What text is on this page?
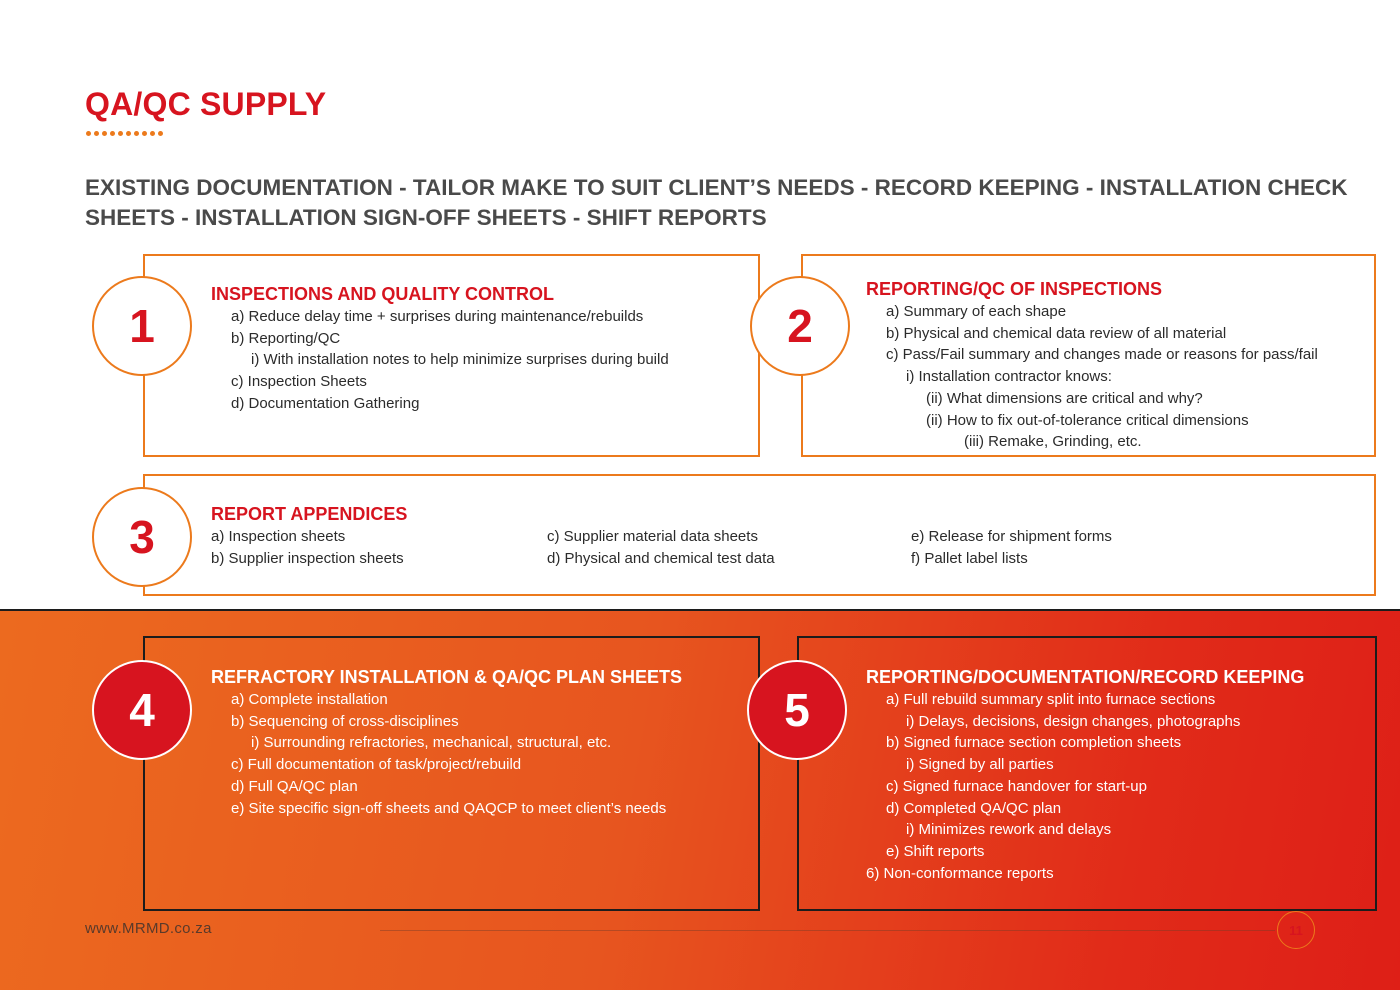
QA/QC SUPPLY
EXISTING DOCUMENTATION - TAILOR MAKE TO SUIT CLIENT’S NEEDS - RECORD KEEPING - INSTALLATION CHECK SHEETS - INSTALLATION SIGN-OFF SHEETS - SHIFT REPORTS
1
INSPECTIONS AND QUALITY CONTROL
a) Reduce delay time + surprises during maintenance/rebuilds
b) Reporting/QC
i) With installation notes to help minimize surprises during build
c) Inspection Sheets
d) Documentation Gathering
2
REPORTING/QC OF INSPECTIONS
a) Summary of each shape
b) Physical and chemical data review of all material
c) Pass/Fail summary and changes made or reasons for pass/fail
i) Installation contractor knows:
(ii) What dimensions are critical and why?
(ii) How to fix out-of-tolerance critical dimensions
(iii) Remake, Grinding, etc.
3	REPORT APPENDICES
a) Inspection sheets
b) Supplier inspection sheets
c) Supplier material data sheets
d) Physical and chemical test data
e) Release for shipment forms
f) Pallet label lists
4
REFRACTORY INSTALLATION & QA/QC PLAN SHEETS
a) Complete installation
b) Sequencing of cross-disciplines
i) Surrounding refractories, mechanical, structural, etc.
c) Full documentation of task/project/rebuild
d) Full QA/QC plan
e) Site specific sign-off sheets and QAQCP to meet client’s needs
5
REPORTING/DOCUMENTATION/RECORD KEEPING
a) Full rebuild summary split into furnace sections
i) Delays, decisions, design changes, photographs
b) Signed furnace section completion sheets
i) Signed by all parties
c) Signed furnace handover for start-up
d) Completed QA/QC plan
i) Minimizes rework and delays
e) Shift reports
6) Non-conformance reports
www.MRMD.co.za	11
